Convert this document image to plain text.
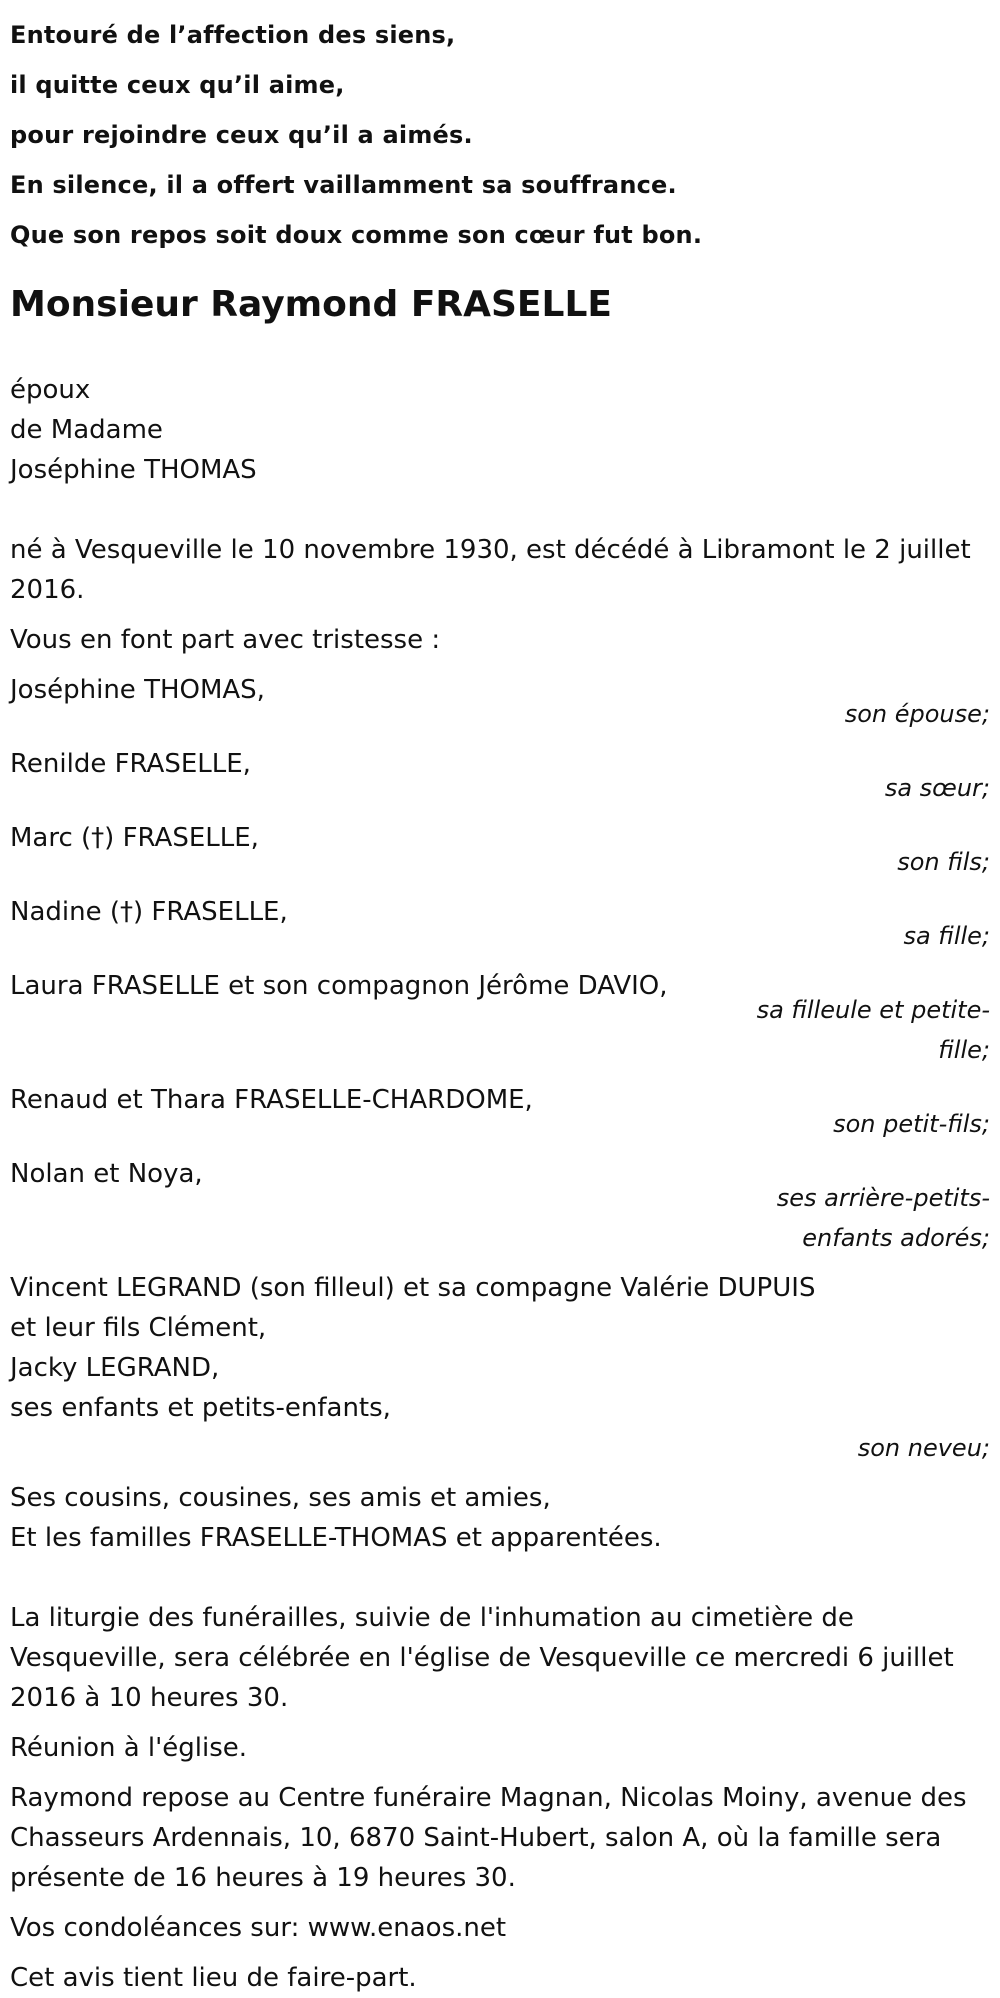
Entouré de l’affection des siens,
il quitte ceux qu’il aime,
pour rejoindre ceux qu’il a aimés.
En silence, il a offert vaillamment sa souffrance.
Que son repos soit doux comme son cœur fut bon.
Monsieur Raymond FRASELLE
époux
de Madame
Joséphine THOMAS
né à Vesqueville le 10 novembre 1930, est décédé à Libramont le 2 juillet 2016.
Vous en font part avec tristesse :
Joséphine THOMAS,
son épouse;
Renilde FRASELLE,
sa sœur;
Marc (†) FRASELLE,
son fils;
Nadine (†) FRASELLE,
sa fille;
Laura FRASELLE et son compagnon Jérôme DAVIO,
sa filleule et petite-fille;
Renaud et Thara FRASELLE-CHARDOME,
son petit-fils;
Nolan et Noya,
ses arrière-petits-enfants adorés;
Vincent LEGRAND (son filleul) et sa compagne Valérie DUPUIS
et leur fils Clément,
Jacky LEGRAND,
ses enfants et petits-enfants,
son neveu;
Ses cousins, cousines, ses amis et amies,
Et les familles FRASELLE-THOMAS et apparentées.
La liturgie des funérailles, suivie de l'inhumation au cimetière de Vesqueville, sera célébrée en l'église de Vesqueville ce mercredi 6 juillet 2016 à 10 heures 30.
Réunion à l'église.
Raymond repose au Centre funéraire Magnan, Nicolas Moiny, avenue des Chasseurs Ardennais, 10, 6870 Saint-Hubert, salon A, où la famille sera présente de 16 heures à 19 heures 30.
Vos condoléances sur: www.enaos.net
Cet avis tient lieu de faire-part.
